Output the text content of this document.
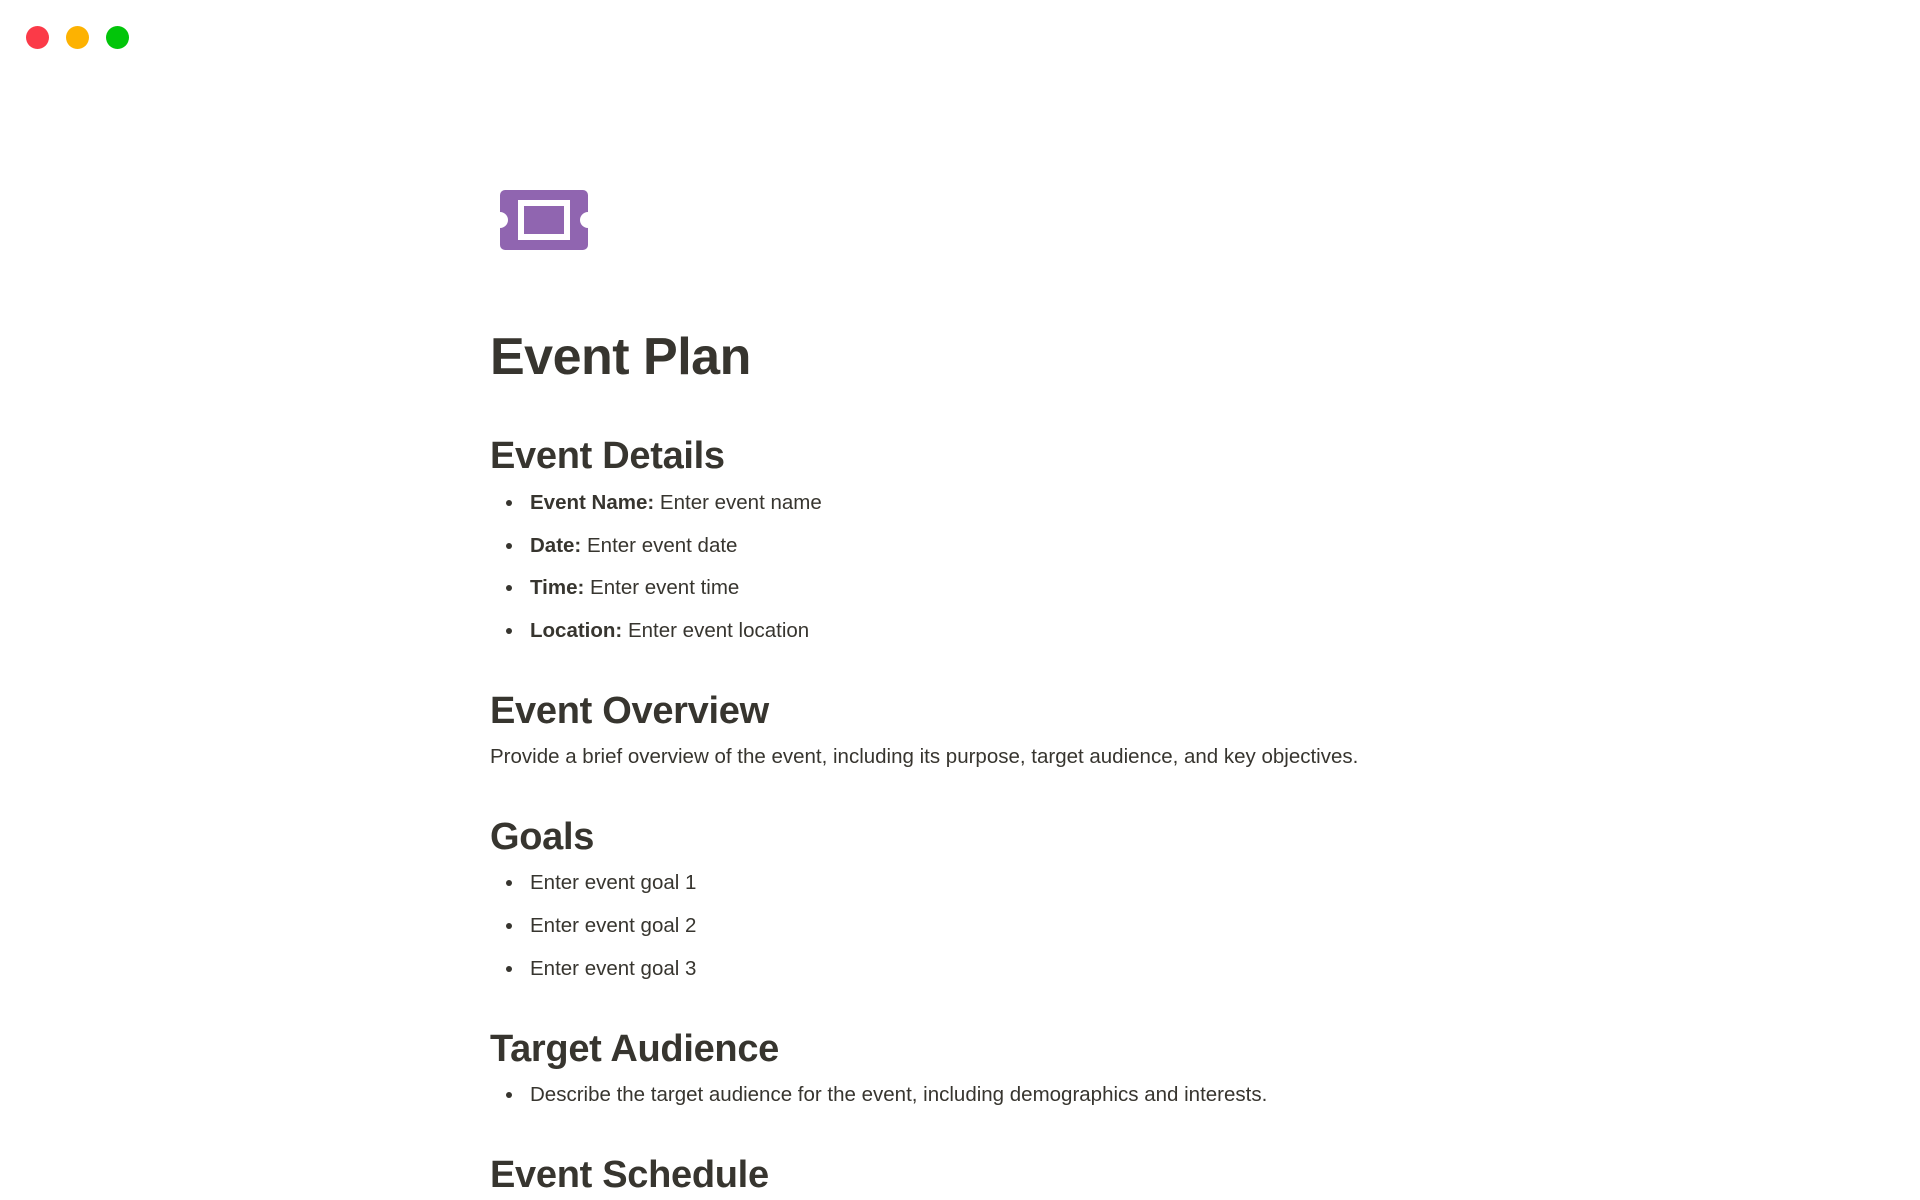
Event Plan
Event Details
Event Name: Enter event name
Date: Enter event date
Time: Enter event time
Location: Enter event location
Event Overview

Provide a brief overview of the event, including its purpose, target audience, and key objectives.

Goals
Enter event goal 1
Enter event goal 2
Enter event goal 3
Target Audience
Describe the target audience for the event, including demographics and interests.
Event Schedule
